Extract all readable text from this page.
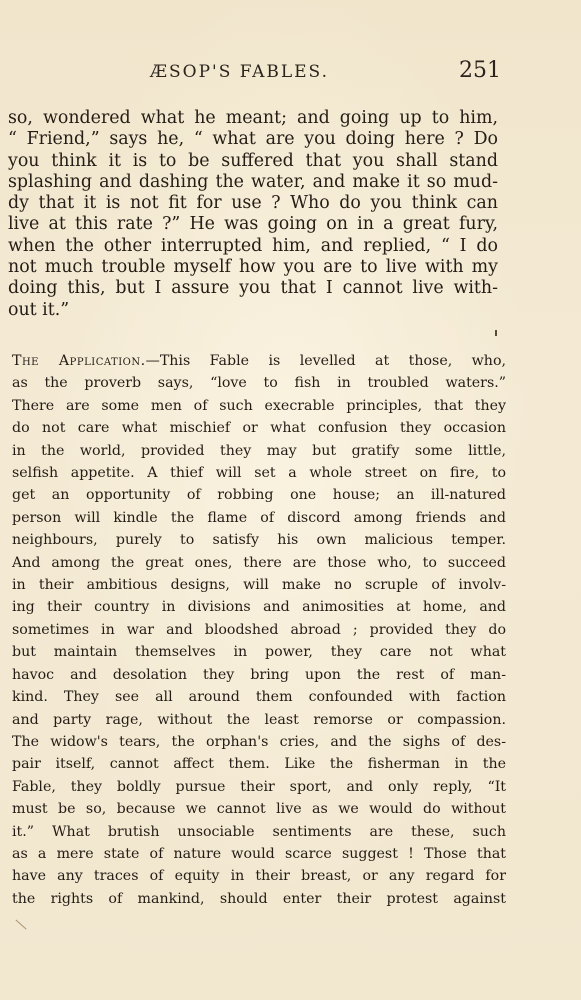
ÆSOP'S FABLES.	251
so, wondered what he meant; and going up to him,
“ Friend,” says he, “ what are you doing here ? Do
you think it is to be suffered that you shall stand
splashing and dashing the water, and make it so mud-
dy that it is not fit for use ? Who do you think can
live at this rate ?” He was going on in a great fury,
when the other interrupted him, and replied, “ I do
not much trouble myself how you are to live with my
doing this, but I assure you that I cannot live with-
out it.”
The Application.—This Fable is levelled at those, who,
as the proverb says, “love to fish in troubled waters.”
There are some men of such execrable principles, that they
do not care what mischief or what confusion they occasion
in the world, provided they may but gratify some little,
selfish appetite. A thief will set a whole street on fire, to
get an opportunity of robbing one house; an ill-natured
person will kindle the flame of discord among friends and
neighbours, purely to satisfy his own malicious temper.
And among the great ones, there are those who, to succeed
in their ambitious designs, will make no scruple of involv-
ing their country in divisions and animosities at home, and
sometimes in war and bloodshed abroad ; provided they do
but maintain themselves in power, they care not what
havoc and desolation they bring upon the rest of man-
kind. They see all around them confounded with faction
and party rage, without the least remorse or compassion.
The widow's tears, the orphan's cries, and the sighs of des-
pair itself, cannot affect them. Like the fisherman in the
Fable, they boldly pursue their sport, and only reply, “It
must be so, because we cannot live as we would do without
it.” What brutish unsociable sentiments are these, such
as a mere state of nature would scarce suggest ! Those that
have any traces of equity in their breast, or any regard for
the rights of mankind, should enter their protest against
